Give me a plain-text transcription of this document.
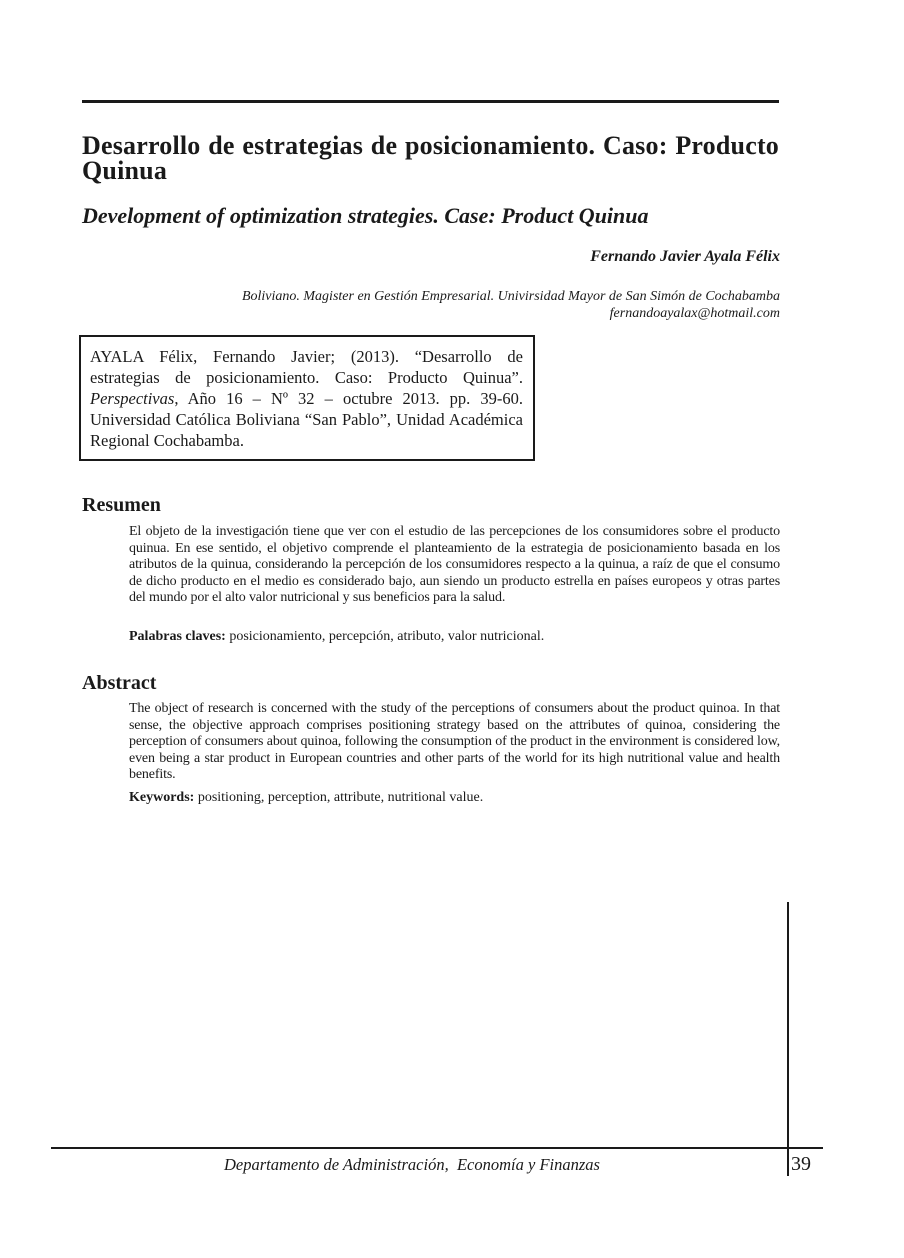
Desarrollo de estrategias de posicionamiento. Caso: Producto Quinua
Development of optimization strategies. Case: Product Quinua
Fernando Javier Ayala Félix
Boliviano. Magister en Gestión Empresarial. Univirsidad Mayor de San Simón de Cochabamba
fernandoayalax@hotmail.com
AYALA Félix, Fernando Javier; (2013). “Desarrollo de estrategias de posicionamiento. Caso: Producto Quinua”. Perspectivas, Año 16 – Nº 32 – octubre 2013. pp. 39-60. Universidad Católica Boliviana “San Pablo”, Unidad Académica Regional Cochabamba.
Resumen
El objeto de la investigación tiene que ver con el estudio de las percepciones de los consumidores sobre el producto quinua. En ese sentido, el objetivo comprende el planteamiento de la estrategia de posicionamiento basada en los atributos de la quinua, considerando la percepción de los consumidores respecto a la quinua, a raíz de que el consumo de dicho producto en el medio es considerado bajo, aun siendo un producto estrella en países europeos y otras partes del mundo por el alto valor nutricional y sus beneficios para la salud.
Palabras claves: posicionamiento, percepción, atributo, valor nutricional.
Abstract
The object of research is concerned with the study of the perceptions of consumers about the product quinoa. In that sense, the objective approach comprises positioning strategy based on the attributes of quinoa, considering the perception of consumers about quinoa, following the consumption of the product in the environment is considered low, even being a star product in European countries and other parts of the world for its high nutritional value and health benefits.
Keywords: positioning, perception, attribute, nutritional value.
Departamento de Administración,  Economía y Finanzas	39
